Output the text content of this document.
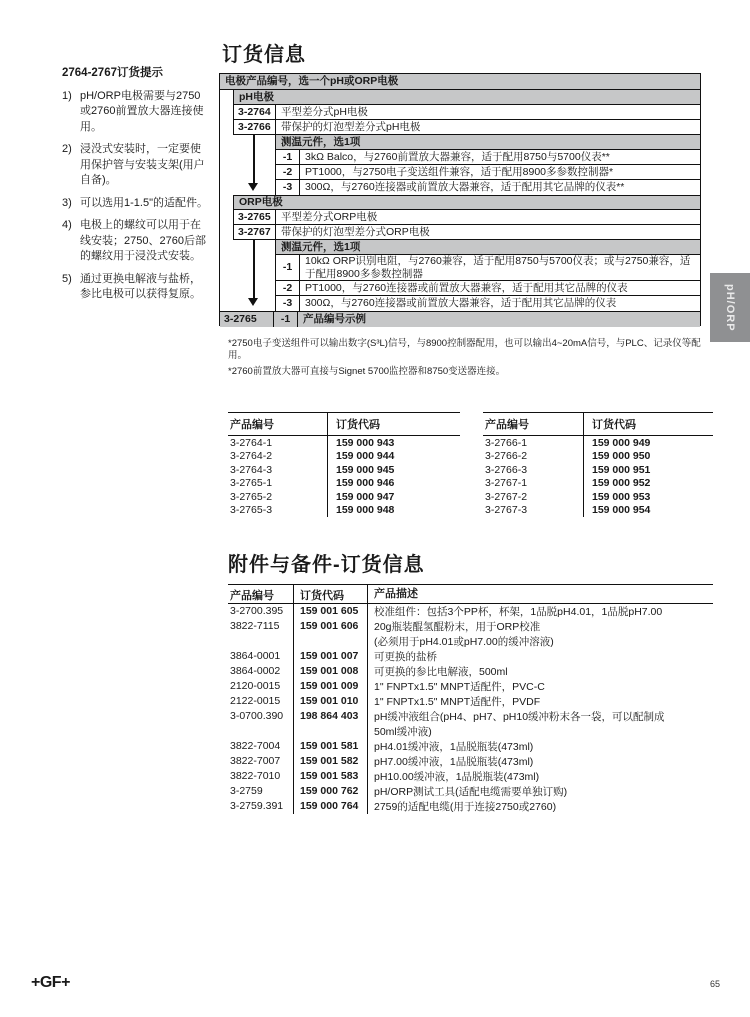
2764-2767订货提示
1) pH/ORP电极需要与2750或2760前置放大器连接使用。
2) 浸没式安装时，一定要使用保护管与安装支架(用户自备)。
3) 可以选用1-1.5"的适配件。
4) 电极上的螺纹可以用于在线安装；2750、2760后部的螺纹用于浸没式安装。
5) 通过更换电解液与盐桥，参比电极可以获得复原。
订货信息
电极产品编号，选一个pH或ORP电极
pH电极
3-2764 平型差分式pH电极
3-2766 带保护的灯泡型差分式pH电极
测温元件，选1项
-1	3kΩ Balco，与2760前置放大器兼容，适于配用8750与5700仪表**
-2	PT1000，与2750电子变送组件兼容，适于配用8900多参数控制器*
-3	300Ω，与2760连接器或前置放大器兼容，适于配用其它品牌的仪表**
ORP电极
3-2765 平型差分式ORP电极
3-2767 带保护的灯泡型差分式ORP电极
测温元件，选1项
-1	10kΩ ORP识别电阻，与2760兼容，适于配用8750与5700仪表；或与2750兼容，适于配用8900多参数控制器
-2	PT1000，与2760连接器或前置放大器兼容，适于配用其它品牌的仪表
-3	300Ω，与2760连接器或前置放大器兼容，适于配用其它品牌的仪表
3-2765	-1	产品编号示例
*2750电子变送组件可以输出数字(S³L)信号，与8900控制器配用，也可以输出4~20mA信号，与PLC、记录仪等配用。
*2760前置放大器可直接与Signet 5700监控器和8750变送器连接。
产品编号	订货代码
3-2764-1	159 000 943
3-2764-2	159 000 944
3-2764-3	159 000 945
3-2765-1	159 000 946
3-2765-2	159 000 947
3-2765-3	159 000 948
产品编号	订货代码
3-2766-1	159 000 949
3-2766-2	159 000 950
3-2766-3	159 000 951
3-2767-1	159 000 952
3-2767-2	159 000 953
3-2767-3	159 000 954
附件与备件-订货信息
产品编号	订货代码	产品描述
3-2700.395	159 001 605	校准组件：包括3个PP杯，杯架，1品脱pH4.01，1品脱pH7.00
3822-7115	159 001 606	20g瓶装醌氢醌粉末，用于ORP校准
(必须用于pH4.01或pH7.00的缓冲溶液)
3864-0001	159 001 007	可更换的盐桥
3864-0002	159 001 008	可更换的参比电解液，500ml
2120-0015	159 001 009	1" FNPTx1.5" MNPT适配件，PVC-C
2122-0015	159 001 010	1" FNPTx1.5" MNPT适配件，PVDF
3-0700.390	198 864 403	pH缓冲液组合(pH4、pH7、pH10缓冲粉末各一袋，可以配制成
50ml缓冲液)
3822-7004	159 001 581	pH4.01缓冲液，1品脱瓶装(473ml)
3822-7007	159 001 582	pH7.00缓冲液，1品脱瓶装(473ml)
3822-7010	159 001 583	pH10.00缓冲液，1品脱瓶装(473ml)
3-2759	159 000 762	pH/ORP测试工具(适配电缆需要单独订购)
3-2759.391	159 000 764	2759的适配电缆(用于连接2750或2760)
pH/ORP
+GF+	65
